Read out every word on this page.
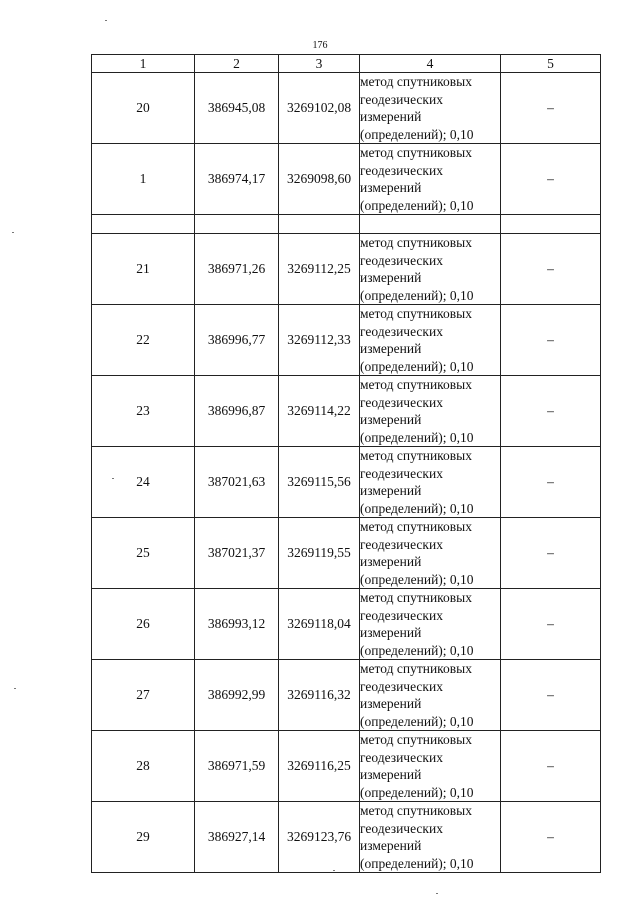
176
1	2	3	4	5
20	386945,08	3269102,08	метод спутниковых
геодезических
измерений
(определений); 0,10	–
1	386974,17	3269098,60	метод спутниковых
геодезических
измерений
(определений); 0,10	–

21	386971,26	3269112,25	метод спутниковых
геодезических
измерений
(определений); 0,10	–
22	386996,77	3269112,33	метод спутниковых
геодезических
измерений
(определений); 0,10	–
23	386996,87	3269114,22	метод спутниковых
геодезических
измерений
(определений); 0,10	–
24	387021,63	3269115,56	метод спутниковых
геодезических
измерений
(определений); 0,10	–
25	387021,37	3269119,55	метод спутниковых
геодезических
измерений
(определений); 0,10	–
26	386993,12	3269118,04	метод спутниковых
геодезических
измерений
(определений); 0,10	–
27	386992,99	3269116,32	метод спутниковых
геодезических
измерений
(определений); 0,10	–
28	386971,59	3269116,25	метод спутниковых
геодезических
измерений
(определений); 0,10	–
29	386927,14	3269123,76	метод спутниковых
геодезических
измерений
(определений); 0,10	–
